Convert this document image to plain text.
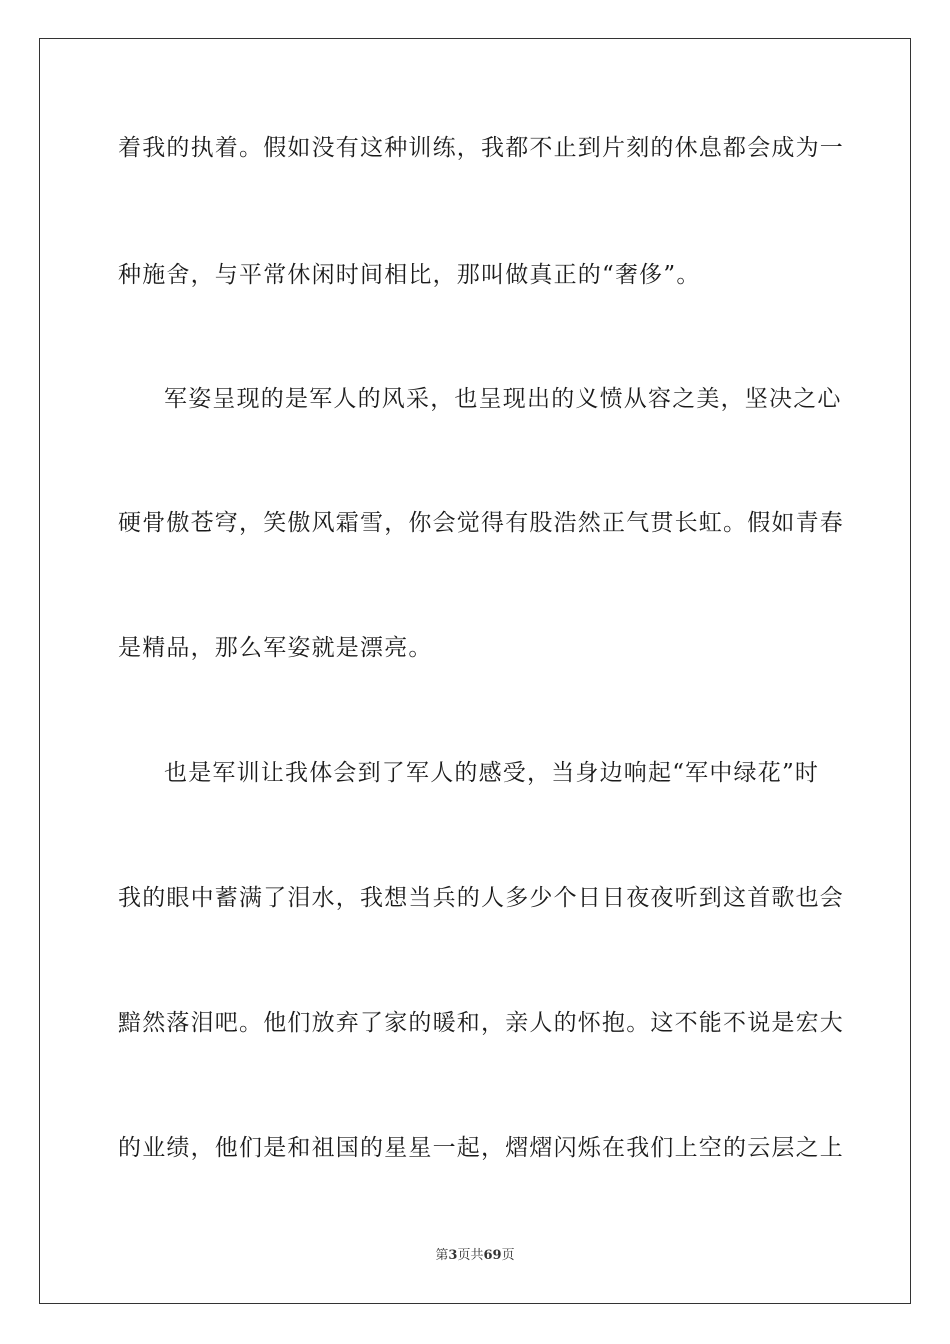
着我的执着。假如没有这种训练，我都不止到片刻的休息都会成为一
种施舍，与平常休闲时间相比，那叫做真正的“奢侈”。
军姿呈现的是军人的风采，也呈现出的义愤从容之美，坚决之心
硬骨傲苍穹，笑傲风霜雪，你会觉得有股浩然正气贯长虹。假如青春
是精品，那么军姿就是漂亮。
也是军训让我体会到了军人的感受，当身边响起“军中绿花”时
我的眼中蓄满了泪水，我想当兵的人多少个日日夜夜听到这首歌也会
黯然落泪吧。他们放弃了家的暖和，亲人的怀抱。这不能不说是宏大
的业绩，他们是和祖国的星星一起，熠熠闪烁在我们上空的云层之上
第3页共69页
